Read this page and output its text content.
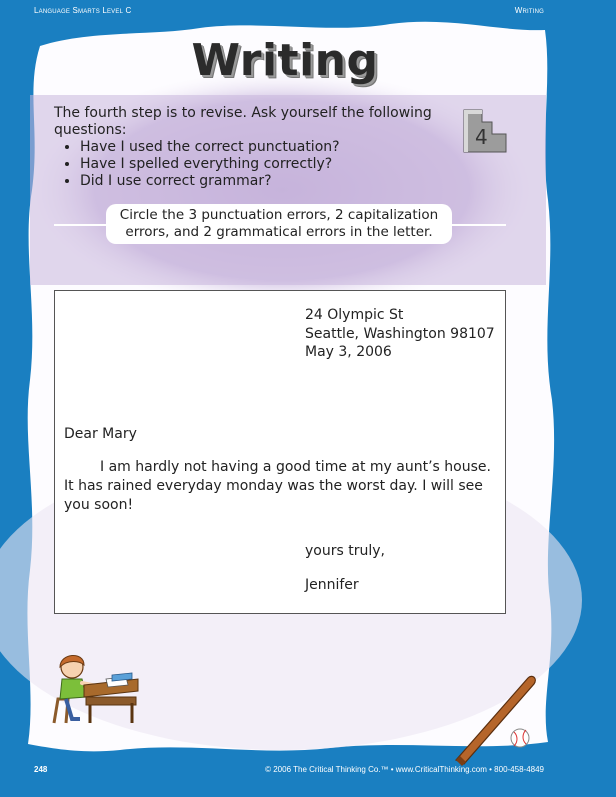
Language Smarts Level C	Writing
Writing
The fourth step is to revise. Ask yourself the following questions:
• Have I used the correct punctuation?
• Have I spelled everything correctly?
• Did I use correct grammar?
4
Circle the 3 punctuation errors, 2 capitalization errors, and 2 grammatical errors in the letter.
24 Olympic St
Seattle, Washington 98107
May 3, 2006
Dear Mary
I am hardly not having a good time at my aunt’s house. It has rained everyday monday was the worst day. I will see you soon!
yours truly,
Jennifer
248	© 2006 The Critical Thinking Co.™ • www.CriticalThinking.com • 800-458-4849
